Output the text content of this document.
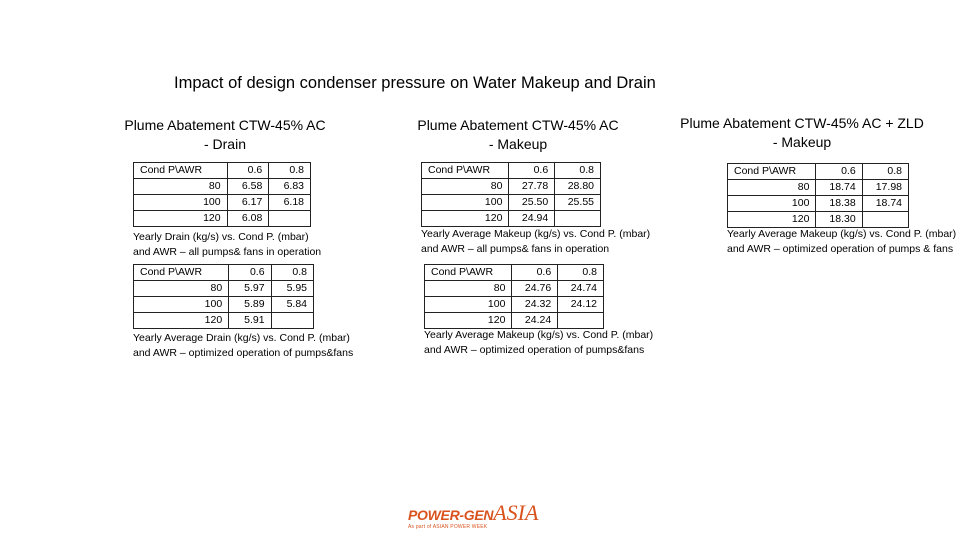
Impact of design condenser pressure on Water Makeup and Drain
Plume Abatement CTW-45% AC
- Drain
Cond P\AWR	0.6	0.8
80	6.58	6.83
100	6.17	6.18
120	6.08	
Yearly Drain (kg/s) vs. Cond P. (mbar)
and AWR – all pumps& fans in operation
Cond P\AWR	0.6	0.8
80	5.97	5.95
100	5.89	5.84
120	5.91	
Yearly Average Drain (kg/s) vs. Cond P. (mbar)
and AWR – optimized operation of pumps&fans
Plume Abatement CTW-45% AC
- Makeup
Cond P\AWR	0.6	0.8
80	27.78	28.80
100	25.50	25.55
120	24.94	
Yearly Average Makeup (kg/s) vs. Cond P. (mbar)
and AWR – all pumps& fans in operation
Cond P\AWR	0.6	0.8
80	24.76	24.74
100	24.32	24.12
120	24.24	
Yearly Average Makeup (kg/s) vs. Cond P. (mbar)
and AWR – optimized operation of pumps&fans
Plume Abatement CTW-45% AC + ZLD
- Makeup
Cond P\AWR	0.6	0.8
80	18.74	17.98
100	18.38	18.74
120	18.30	
Yearly Average Makeup (kg/s) vs. Cond P. (mbar)
and AWR – optimized operation of pumps & fans
POWER-GENASIA
As part of ASIAN POWER WEEK
